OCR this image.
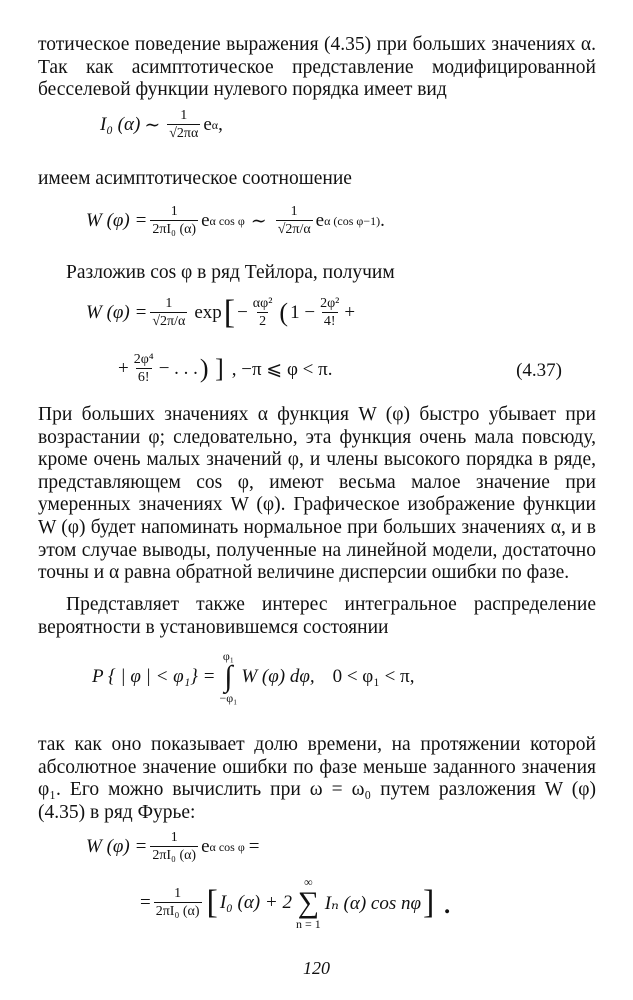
тотическое поведение выражения (4.35) при больших значениях α. Так как асимптотическое представление модифицированной бесселевой функции нулевого порядка имеет вид

I₀ (α) ∼ $\frac{1}{√2\pi\alpha}$ e α ,

имеем асимптотическое соотношение

W $(\varphi) = \frac{1}{\text{2πI₀ (α)}}$ e α cos φ ∼ $\frac{1}{√2\pi/\alpha}$ e α (cos φ−1) .

Разложив cos φ в ряд Тейлора, получим

W $(\varphi) = \frac{1}{√2\pi/\alpha}$ exp [ − $\frac{\text{αφ²}}{2}$ ( $1 - \frac{\text{2φ²}}{4!}$ +
+ $\frac{\text{2φ⁴}}{6!}$ − . . . ) ] , −π ⩽ φ < π.	(4.37)

При больших значениях α функция W (φ) быстро убывает при возрастании φ; следовательно, эта функция очень мала повсюду, кроме очень малых значений φ, и члены высокого порядка в ряде, представляющем cos φ, имеют весьма малое значение при умеренных значениях W (φ). Графическое изображение функции W (φ) будет напоминать нормальное при больших значениях α, и в этом случае выводы, полученные на линейной модели, достаточно точны и α равна обратной величине дисперсии ошибки по фазе.

Представляет также интерес интегральное распределение вероятности в установившемся состоянии

P { | φ | < φ₁} =
φ₁
∫
−φ₁
W (φ) dφ, 0 < φ₁ < π,

так как оно показывает долю времени, на протяжении которой абсолютное значение ошибки по фазе меньше заданного значения φ₁. Его можно вычислить при ω = ω₀ путем разложения W (φ) (4.35) в ряд Фурье:

W $(\varphi) = \frac{1}{\text{2πI₀ (α)}}$ e α cos φ =
= $\frac{1}{\text{2πI₀ (α)}}$ [ I₀ (α) + 2
∞
∑
n = 1
Iₙ (α) cos nφ ] .
120
